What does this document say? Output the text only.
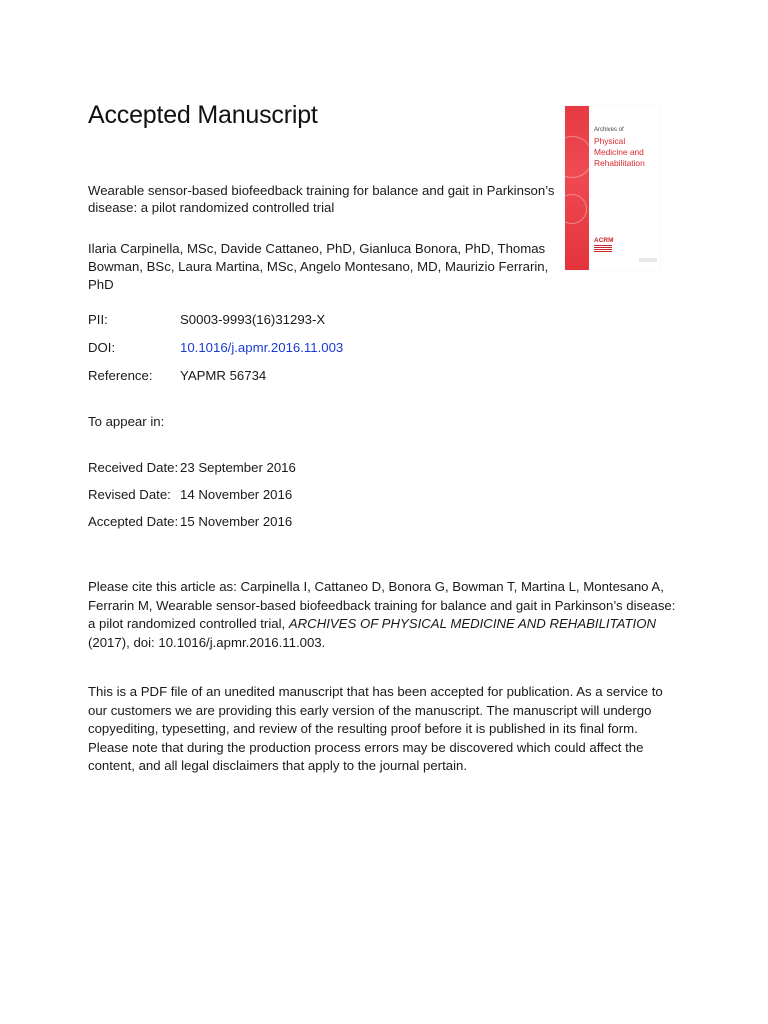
Accepted Manuscript
Wearable sensor-based biofeedback training for balance and gait in Parkinson’s disease: a pilot randomized controlled trial
Ilaria Carpinella, MSc, Davide Cattaneo, PhD, Gianluca Bonora, PhD, Thomas Bowman, BSc, Laura Martina, MSc, Angelo Montesano, MD, Maurizio Ferrarin, PhD
Archives of
Physical Medicine and Rehabilitation
ACRM
PII:	S0003-9993(16)31293-X
DOI:	10.1016/j.apmr.2016.11.003
Reference: YAPMR 56734
To appear in:
Received Date: 23 September 2016
Revised Date: 14 November 2016
Accepted Date: 15 November 2016
Please cite this article as: Carpinella I, Cattaneo D, Bonora G, Bowman T, Martina L, Montesano A, Ferrarin M, Wearable sensor-based biofeedback training for balance and gait in Parkinson’s disease: a pilot randomized controlled trial, ARCHIVES OF PHYSICAL MEDICINE AND REHABILITATION (2017), doi: 10.1016/j.apmr.2016.11.003.
This is a PDF file of an unedited manuscript that has been accepted for publication. As a service to our customers we are providing this early version of the manuscript. The manuscript will undergo copyediting, typesetting, and review of the resulting proof before it is published in its final form. Please note that during the production process errors may be discovered which could affect the content, and all legal disclaimers that apply to the journal pertain.
